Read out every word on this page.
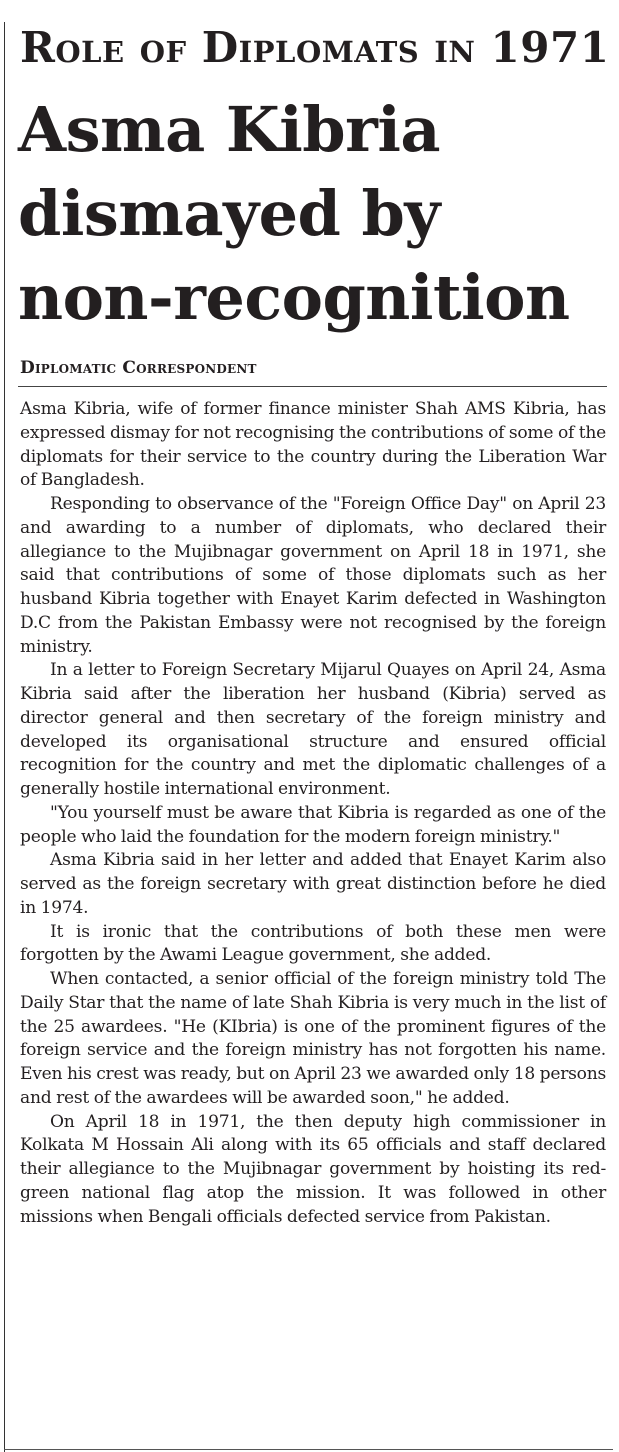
Role of Diplomats in 1971
Asma Kibria
dismayed by
non-recognition
Diplomatic Correspondent

Asma Kibria, wife of former finance minister Shah AMS Kibria, has expressed dismay for not recognising the contributions of some of the diplomats for their service to the country during the Liberation War of Bangladesh.

Responding to observance of the "Foreign Office Day" on April 23 and awarding to a number of diplomats, who declared their allegiance to the Mujibnagar government on April 18 in 1971, she said that contributions of some of those diplomats such as her husband Kibria together with Enayet Karim defected in Washington D.C from the Pakistan Embassy were not recognised by the foreign ministry.

In a letter to Foreign Secretary Mijarul Quayes on April 24, Asma Kibria said after the liberation her husband (Kibria) served as director general and then secretary of the foreign ministry and developed its organisational structure and ensured official recognition for the country and met the diplomatic challenges of a generally hostile international environment.

"You yourself must be aware that Kibria is regarded as one of the people who laid the foundation for the modern foreign ministry."

Asma Kibria said in her letter and added that Enayet Karim also served as the foreign secretary with great distinction before he died in 1974.

It is ironic that the contributions of both these men were forgotten by the Awami League government, she added.

When contacted, a senior official of the foreign ministry told The Daily Star that the name of late Shah Kibria is very much in the list of the 25 awardees. "He (KIbria) is one of the prominent figures of the foreign service and the foreign ministry has not forgotten his name. Even his crest was ready, but on April 23 we awarded only 18 persons and rest of the awardees will be awarded soon," he added.

On April 18 in 1971, the then deputy high commissioner in Kolkata M Hossain Ali along with its 65 officials and staff declared their allegiance to the Mujibnagar government by hoisting its red-green national flag atop the mission. It was followed in other missions when Bengali officials defected service from Pakistan.
